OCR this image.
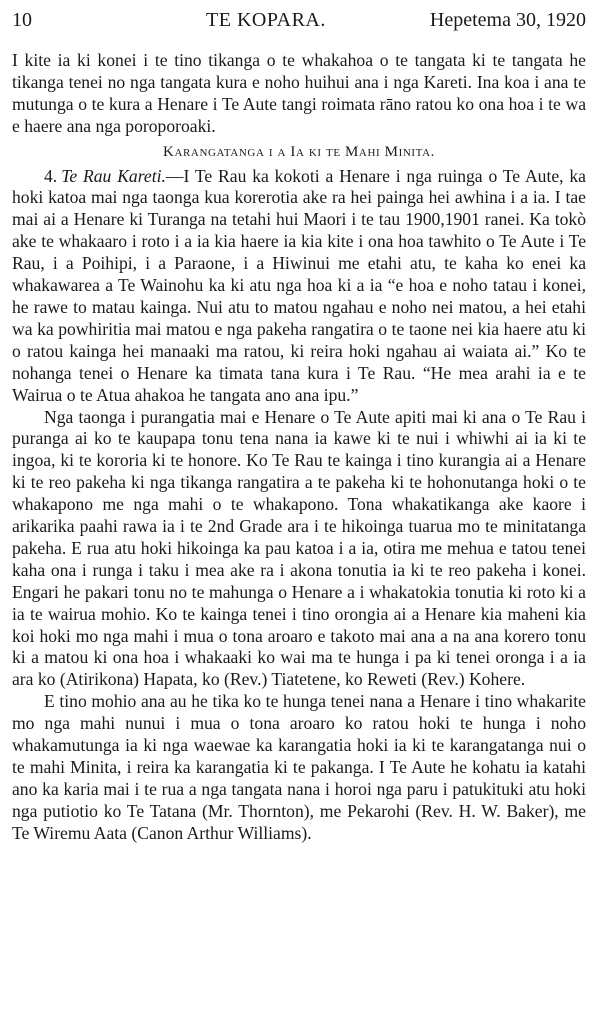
10	TE KOPARA.	Hepetema 30, 1920

I kite ia ki konei i te tino tikanga o te whakahoa o te tangata ki te tangata he tikanga tenei no nga tangata kura e noho huihui ana i nga Kareti. Ina koa i ana te mutunga o te kura a Henare i Te Aute tangi roimata rāno ratou ko ona hoa i te wa e haere ana nga poroporoaki.

Karangatanga i a Ia ki te Mahi Minita.

4. Te Rau Kareti.—I Te Rau ka kokoti a Henare i nga ruinga o Te Aute, ka hoki katoa mai nga taonga kua korerotia ake ra hei painga hei awhina i a ia. I tae mai ai a Henare ki Turanga na tetahi hui Maori i te tau 1900,1901 ranei. Ka tokò ake te whakaaro i roto i a ia kia haere ia kia kite i ona hoa tawhito o Te Aute i Te Rau, i a Poihipi, i a Paraone, i a Hiwinui me etahi atu, te kaha ko enei ka whakawarea a Te Wainohu ka ki atu nga hoa ki a ia “e hoa e noho tatau i konei, he rawe to matau kainga. Nui atu to matou ngahau e noho nei matou, a hei etahi wa ka powhiritia mai matou e nga pakeha rangatira o te taone nei kia haere atu ki o ratou kainga hei manaaki ma ratou, ki reira hoki ngahau ai waiata ai.” Ko te nohanga tenei o Henare ka timata tana kura i Te Rau. “He mea arahi ia e te Wairua o te Atua ahakoa he tangata ano ana ipu.”

Nga taonga i purangatia mai e Henare o Te Aute apiti mai ki ana o Te Rau i puranga ai ko te kaupapa tonu tena nana ia kawe ki te nui i whiwhi ai ia ki te ingoa, ki te kororia ki te honore. Ko Te Rau te kainga i tino kurangia ai a Henare ki te reo pakeha ki nga tikanga rangatira a te pakeha ki te hohonutanga hoki o te whakapono me nga mahi o te whakapono. Tona whakatikanga ake kaore i arikarika paahi rawa ia i te 2nd Grade ara i te hikoinga tuarua mo te minitatanga pakeha. E rua atu hoki hikoinga ka pau katoa i a ia, otira me mehua e tatou tenei kaha ona i runga i taku i mea ake ra i akona tonutia ia ki te reo pakeha i konei. Engari he pakari tonu no te mahunga o Henare a i whakatokia tonutia ki roto ki a ia te wairua mohio. Ko te kainga tenei i tino orongia ai a Henare kia maheni kia koi hoki mo nga mahi i mua o tona aroaro e takoto mai ana a na ana korero tonu ki a matou ki ona hoa i whakaaki ko wai ma te hunga i pa ki tenei oronga i a ia ara ko (Atirikona) Hapata, ko (Rev.) Tiatetene, ko Reweti (Rev.) Kohere.

E tino mohio ana au he tika ko te hunga tenei nana a Henare i tino whakarite mo nga mahi nunui i mua o tona aroaro ko ratou hoki te hunga i noho whakamutunga ia ki nga waewae ka karangatia hoki ia ki te karangatanga nui o te mahi Minita, i reira ka karangatia ki te pakanga. I Te Aute he kohatu ia katahi ano ka karia mai i te rua a nga tangata nana i horoi nga paru i patukituki atu hoki nga putiotio ko Te Tatana (Mr. Thornton), me Pekarohi (Rev. H. W. Baker), me Te Wiremu Aata (Canon Arthur Williams).
